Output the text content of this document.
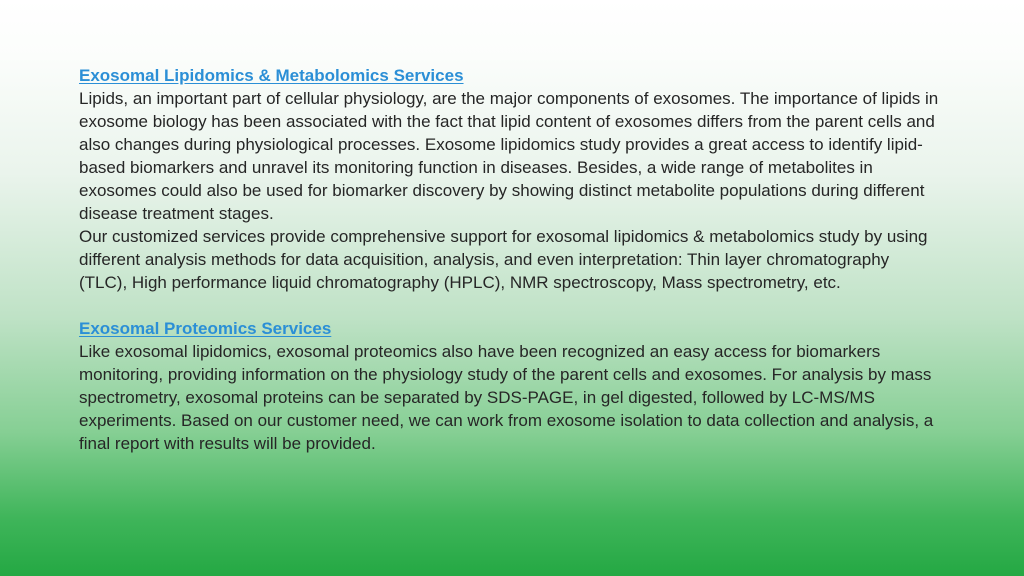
Exosomal Lipidomics & Metabolomics Services

Lipids, an important part of cellular physiology, are the major components of exosomes. The importance of lipids in exosome biology has been associated with the fact that lipid content of exosomes differs from the parent cells and also changes during physiological processes. Exosome lipidomics study provides a great access to identify lipid-based biomarkers and unravel its monitoring function in diseases. Besides, a wide range of metabolites in exosomes could also be used for biomarker discovery by showing distinct metabolite populations during different disease treatment stages.

Our customized services provide comprehensive support for exosomal lipidomics & metabolomics study by using different analysis methods for data acquisition, analysis, and even interpretation: Thin layer chromatography (TLC), High performance liquid chromatography (HPLC), NMR spectroscopy, Mass spectrometry, etc.

Exosomal Proteomics Services

Like exosomal lipidomics, exosomal proteomics also have been recognized an easy access for biomarkers monitoring, providing information on the physiology study of the parent cells and exosomes. For analysis by mass spectrometry, exosomal proteins can be separated by SDS-PAGE, in gel digested, followed by LC-MS/MS experiments. Based on our customer need, we can work from exosome isolation to data collection and analysis, a final report with results will be provided.
